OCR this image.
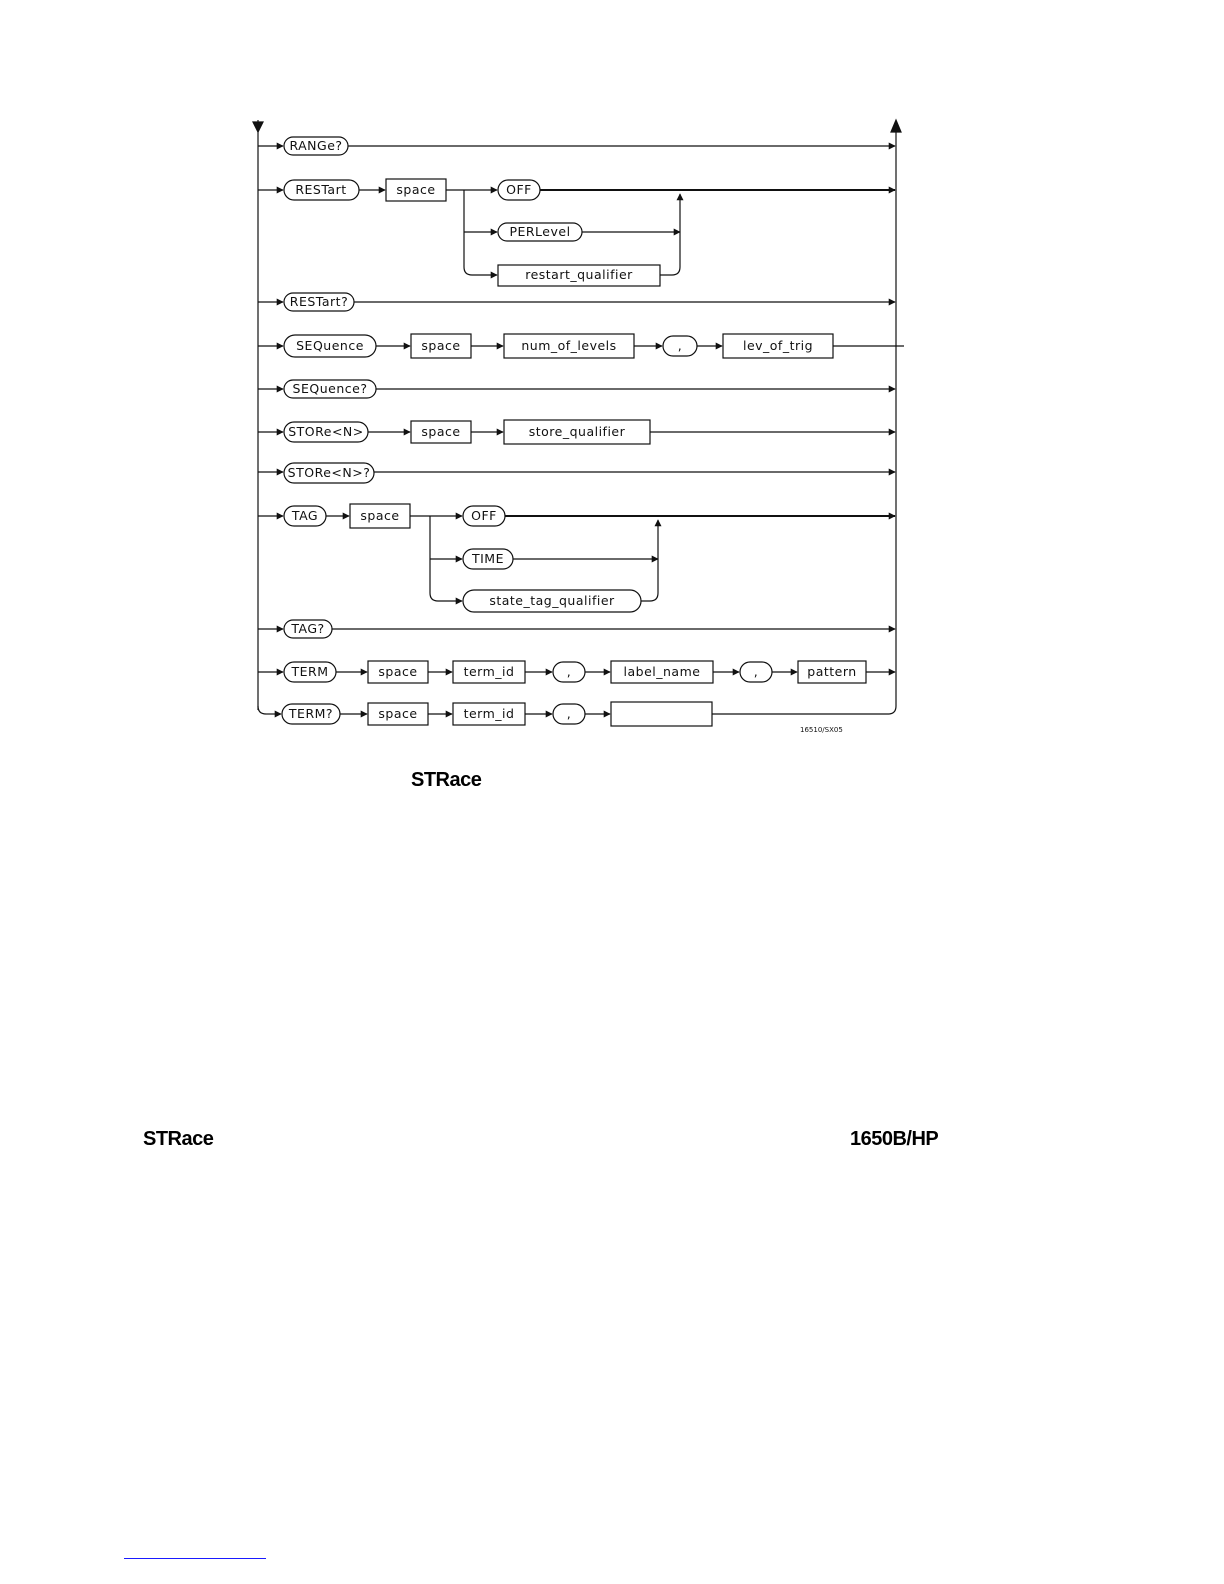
RANGe?
RESTart	space	OFF
PERLevel
restart_qualifier
RESTart?
SEQuence	space	num_of_levels	,	lev_of_trig
SEQuence?
STORe<N>	space	store_qualifier
STORe<N>?
TAG	space	OFF
TIME
state_tag_qualifier
TAG?
TERM	space	term_id	,	label_name	,	pattern
TERM?	space	term_id	,
16510/SX05
STRace
STRace	1650B/HP
